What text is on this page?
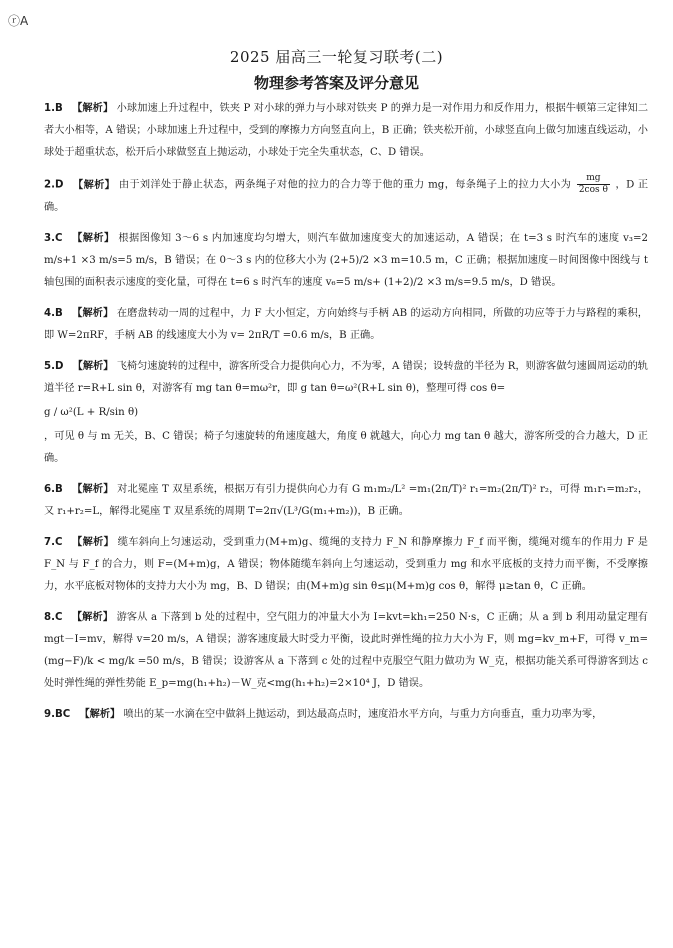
ⓡA
2025 届高三一轮复习联考(二)
物理参考答案及评分意见
1.B 【解析】 小球加速上升过程中，铁夹 P 对小球的弹力与小球对铁夹 P 的弹力是一对作用力和反作用力，根据牛顿第三定律知二者大小相等，A 错误；小球加速上升过程中，受到的摩擦力方向竖直向上，B 正确；铁夹松开前，小球竖直向上做匀加速直线运动，小球处于超重状态，松开后小球做竖直上抛运动，小球处于完全失重状态，C、D 错误。
2.D 【解析】 由于刘洋处于静止状态，两条绳子对他的拉力的合力等于他的重力 mg，每条绳子上的拉力大小为 $\frac{mg}{\text{2cos θ}}$ ，D 正确。
3.C 【解析】 根据图像知 3～6 s 内加速度均匀增大，则汽车做加速度变大的加速运动，A 错误；在 t=3 s 时汽车的速度 v₃=2 m/s+1 ×3 m/s=5 m/s，B 错误；在 0～3 s 内的位移大小为 (2+5)/2 ×3 m=10.5 m，C 正确；根据加速度－时间图像中图线与 t 轴包围的面积表示速度的变化量，可得在 t=6 s 时汽车的速度 v₆=5 m/s+ (1+2)/2 ×3 m/s=9.5 m/s，D 错误。
4.B 【解析】 在磨盘转动一周的过程中，力 F 大小恒定，方向始终与手柄 AB 的运动方向相同，所做的功应等于力与路程的乘积，即 W=2πRF，手柄 AB 的线速度大小为 v= 2πR/T =0.6 m/s，B 正确。
5.D 【解析】 飞椅匀速旋转的过程中，游客所受合力提供向心力，不为零，A 错误；设转盘的半径为 R，则游客做匀速圆周运动的轨道半径 r=R+L sin θ，对游客有 mg tan θ=mω²r，即 g tan θ=ω²(R+L sin θ)，整理可得 cos θ=
g / ω²(L + R/sin θ)
，可见 θ 与 m 无关，B、C 错误；椅子匀速旋转的角速度越大，角度 θ 就越大，向心力 mg tan θ 越大，游客所受的合力越大，D 正确。
6.B 【解析】 对北冕座 T 双星系统，根据万有引力提供向心力有 G m₁m₂/L² =m₁(2π/T)² r₁=m₂(2π/T)² r₂，可得 m₁r₁=m₂r₂，又 r₁+r₂=L，解得北冕座 T 双星系统的周期 T=2π√(L³/G(m₁+m₂))，B 正确。
7.C 【解析】 缆车斜向上匀速运动，受到重力(M+m)g、缆绳的支持力 F_N 和静摩擦力 F_f 而平衡，缆绳对缆车的作用力 F 是 F_N 与 F_f 的合力，则 F=(M+m)g，A 错误；物体随缆车斜向上匀速运动，受到重力 mg 和水平底板的支持力而平衡，不受摩擦力，水平底板对物体的支持力大小为 mg，B、D 错误；由(M+m)g sin θ≤μ(M+m)g cos θ，解得 μ≥tan θ，C 正确。
8.C 【解析】 游客从 a 下落到 b 处的过程中，空气阻力的冲量大小为 I=kvt=kh₁=250 N·s，C 正确；从 a 到 b 利用动量定理有 mgt－I=mv，解得 v=20 m/s，A 错误；游客速度最大时受力平衡，设此时弹性绳的拉力大小为 F，则 mg=kv_m+F，可得 v_m= (mg−F)/k < mg/k =50 m/s，B 错误；设游客从 a 下落到 c 处的过程中克服空气阻力做功为 W_克，根据功能关系可得游客到达 c 处时弹性绳的弹性势能 E_p=mg(h₁+h₂)－W_克<mg(h₁+h₂)=2×10⁴ J，D 错误。
9.BC 【解析】 喷出的某一水滴在空中做斜上抛运动，到达最高点时，速度沿水平方向，与重力方向垂直，重力功率为零，
